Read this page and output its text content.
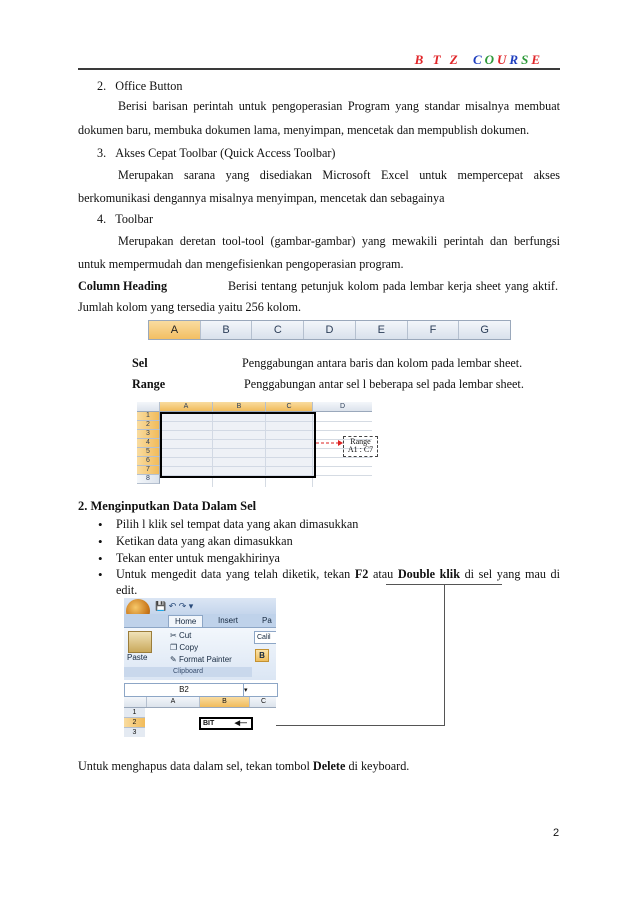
B T Z COURSE
2. Office Button
Berisi barisan perintah untuk pengoperasian Program yang standar misalnya membuat
dokumen baru, membuka dokumen lama, menyimpan, mencetak dan mempublish dokumen.
3. Akses Cepat Toolbar (Quick Access Toolbar)
Merupakan sarana yang disediakan Microsoft Excel untuk mempercepat akses
berkomunikasi dengannya misalnya menyimpan, mencetak dan sebagainya
4. Toolbar
Merupakan deretan tool-tool (gambar-gambar) yang mewakili perintah dan berfungsi
untuk mempermudah dan mengefisienkan pengoperasian program.
Column Heading	Berisi tentang petunjuk kolom pada lembar kerja sheet yang aktif.
Jumlah kolom yang tersedia yaitu 256 kolom.
A	B	C	D	E	F	G
Sel	Penggabungan antara baris dan kolom pada lembar sheet.
Range	Penggabungan antar sel l beberapa sel pada lembar sheet.
A	B	C	D
1
2
3
4
5
6
7
8
Range
A1 : C7
2. Menginputkan Data Dalam Sel
• Pilih l klik sel tempat data yang akan dimasukkan
• Ketikan data yang akan dimasukkan
• Tekan enter untuk mengakhirinya
• Untuk mengedit data yang telah diketik, tekan F2 atau Double klik di sel yang mau di
edit.
💾 ↶ ↷ ▾
Home	Insert	Pa
Paste
✂ Cut
❐ Copy
✎ Format Painter
Clipboard
Calil
B
B2	▾
A	B	C
1
2
3
BIT	◀—
Untuk menghapus data dalam sel, tekan tombol Delete di keyboard.
2
